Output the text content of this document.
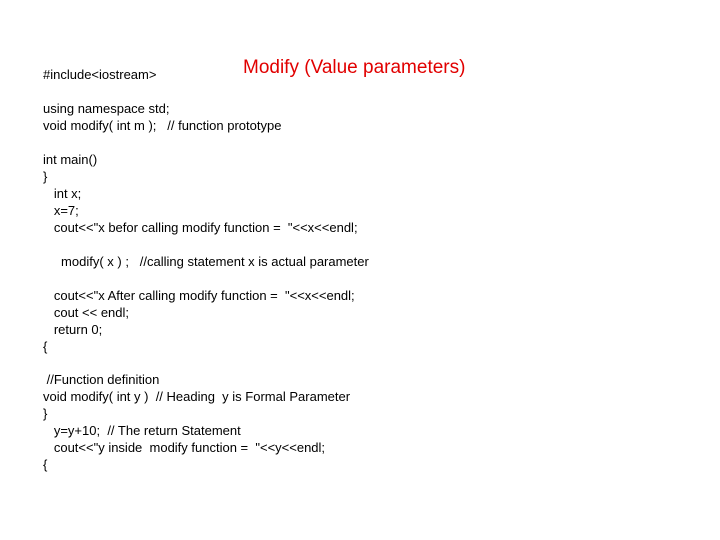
Modify (Value parameters)
#include<iostream>
using namespace std;
void modify( int m );   // function prototype
int main()
}
int x;
x=7;
cout<<"x befor calling modify function =  "<<x<<endl;
modify( x ) ;   //calling statement x is actual parameter
cout<<"x After calling modify function =  "<<x<<endl;
cout << endl;
return 0;
{
//Function definition
void modify( int y )  // Heading  y is Formal Parameter
}
y=y+10;  // The return Statement
cout<<"y inside  modify function =  "<<y<<endl;
{
